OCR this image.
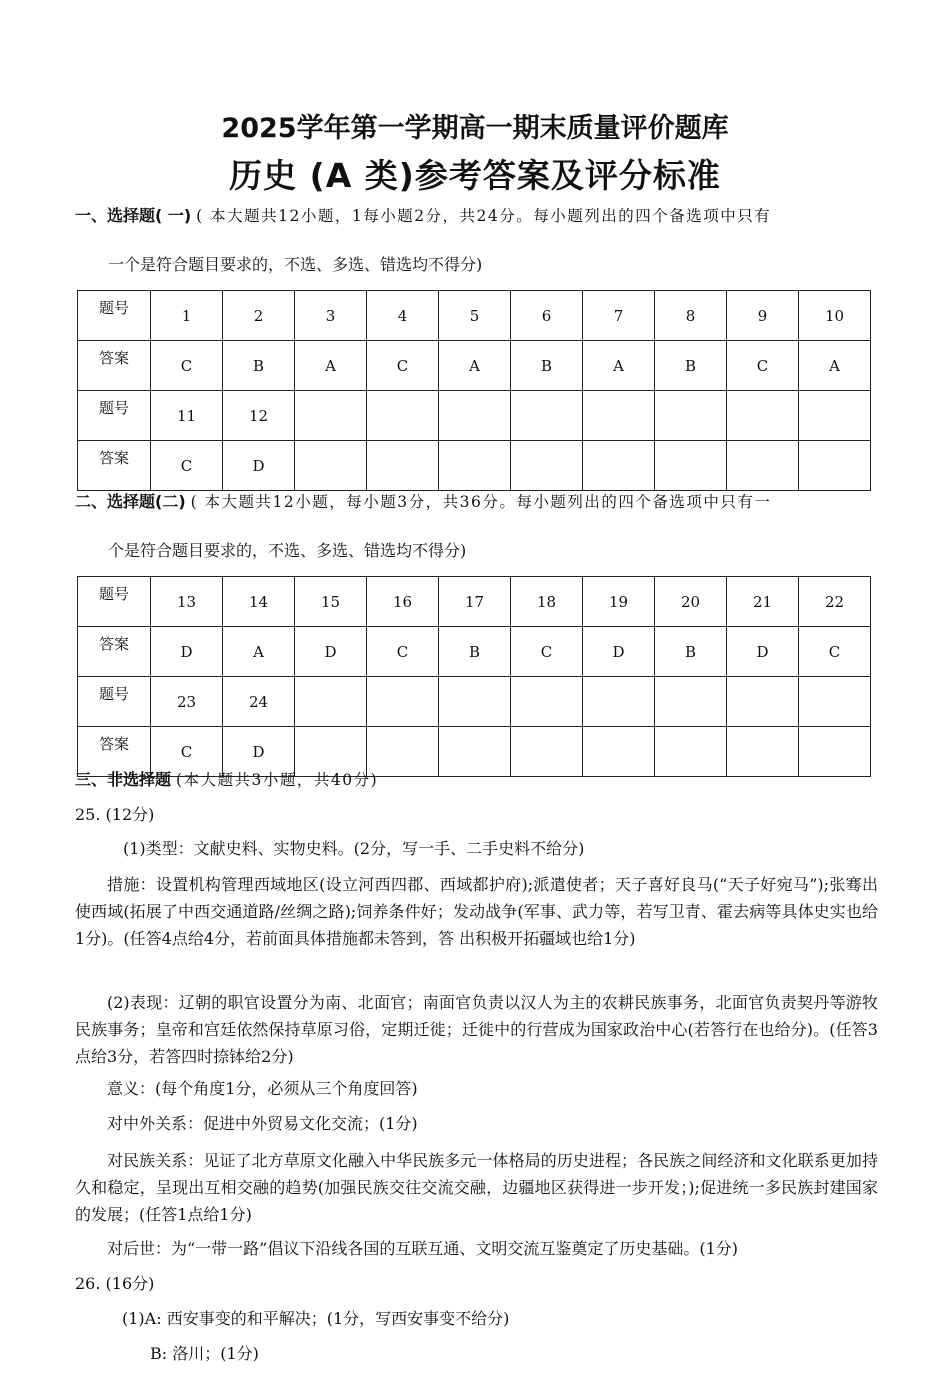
2025学年第一学期高一期末质量评价题库
历史 (A 类)参考答案及评分标准
一、选择题( 一) ( 本大题共12小题，1每小题2分，共24分。每小题列出的四个备选项中只有
一个是符合题目要求的，不选、多选、错选均不得分)
题号	1	2	3	4	5	6	7	8	9	10
答案	C	B	A	C	A	B	A	B	C	A
题号	11	12								
答案	C	D								
二、选择题(二) ( 本大题共12小题，每小题3分，共36分。每小题列出的四个备选项中只有一
个是符合题目要求的，不选、多选、错选均不得分)
题号	13	14	15	16	17	18	19	20	21	22
答案	D	A	D	C	B	C	D	B	D	C
题号	23	24								
答案	C	D								
三、非选择题 (本大题共3小题，共40分)
25. (12分)
(1)类型：文献史料、实物史料。(2分，写一手、二手史料不给分)
措施：设置机构管理西域地区(设立河西四郡、西域都护府);派遣使者；天子喜好良马(“天子好宛马”);张骞出使西域(拓展了中西交通道路/丝绸之路);饲养条件好；发动战争(军事、武力等，若写卫青、霍去病等具体史实也给1分)。(任答4点给4分，若前面具体措施都未答到，答 出积极开拓疆域也给1分)
(2)表现：辽朝的职官设置分为南、北面官；南面官负责以汉人为主的农耕民族事务，北面官负责契丹等游牧民族事务；皇帝和宫廷依然保持草原习俗，定期迁徙；迁徙中的行营成为国家政治中心(若答行在也给分)。(任答3点给3分，若答四时捺钵给2分)
意义：(每个角度1分，必须从三个角度回答)
对中外关系：促进中外贸易文化交流；(1分)
对民族关系：见证了北方草原文化融入中华民族多元一体格局的历史进程；各民族之间经济和文化联系更加持久和稳定，呈现出互相交融的趋势(加强民族交往交流交融，边疆地区获得进一步开发；);促进统一多民族封建国家的发展；(任答1点给1分)
对后世：为“一带一路”倡议下沿线各国的互联互通、文明交流互鉴奠定了历史基础。(1分)
26. (16分)
(1)A: 西安事变的和平解决；(1分，写西安事变不给分)
B: 洛川；(1分)
